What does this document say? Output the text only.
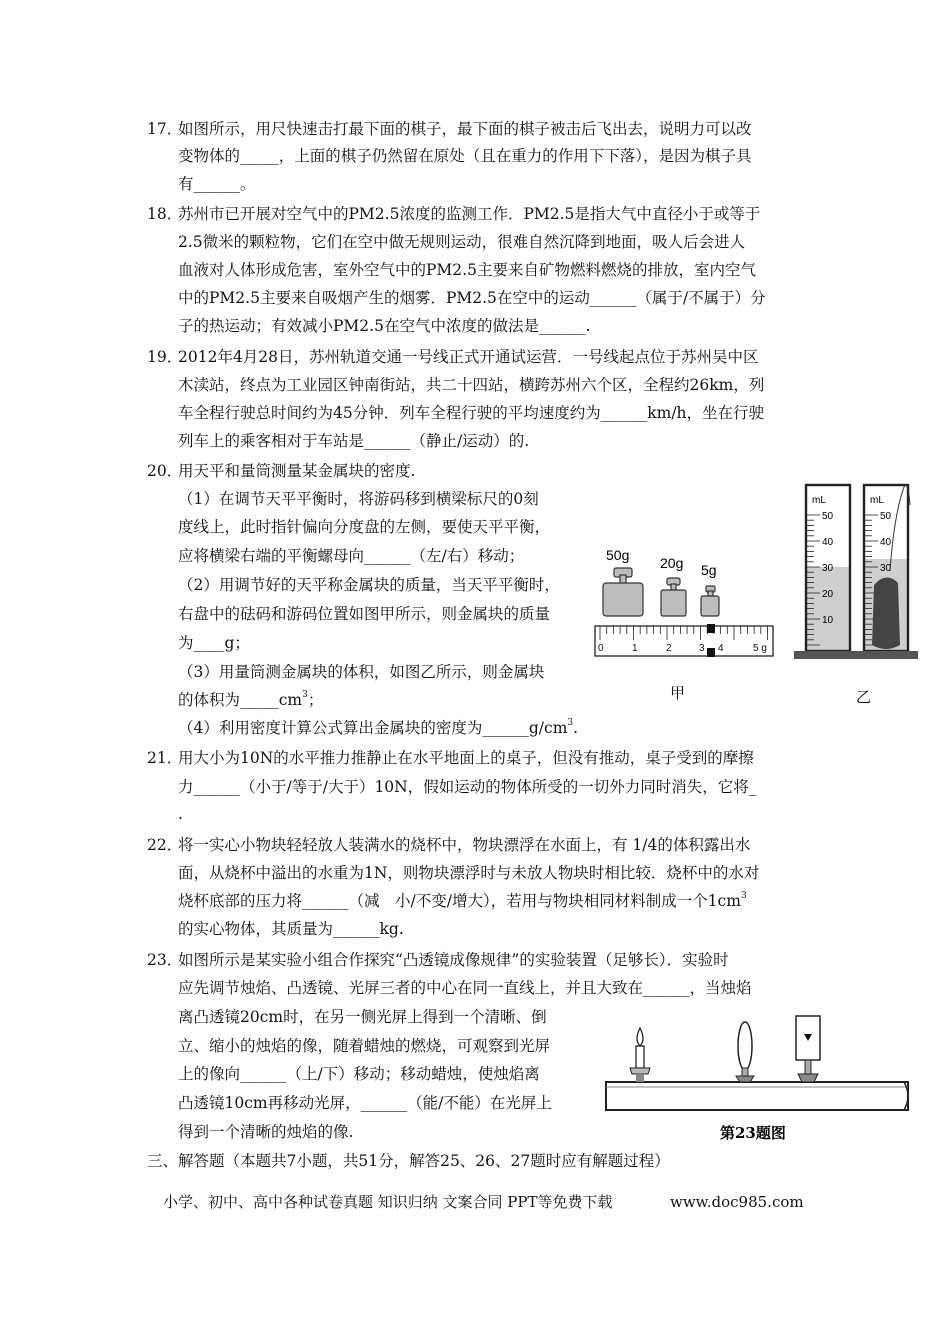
17．
如图所示，用尺快速击打最下面的棋子，最下面的棋子被击后飞出去，说明力可以改
变物体的_____，上面的棋子仍然留在原处（且在重力的作用下下落），是因为棋子具
有______。
18．
苏州市已开展对空气中的PM2.5浓度的监测工作．PM2.5是指大气中直径小于或等于
2.5微米的颗粒物，它们在空中做无规则运动，很难自然沉降到地面，吸人后会进人
血液对人体形成危害，室外空气中的PM2.5主要来自矿物燃料燃烧的排放，室内空气
中的PM2.5主要来自吸烟产生的烟雾．PM2.5在空中的运动______（属于/不属于）分
子的热运动；有效减小PM2.5在空气中浓度的做法是______.
19．
2012年4月28日，苏州轨道交通一号线正式开通试运营．一号线起点位于苏州吴中区
木渎站，终点为工业园区钟南街站，共二十四站，横跨苏州六个区，全程约26km，列
车全程行驶总时间约为45分钟．列车全程行驶的平均速度约为______km/h，坐在行驶
列车上的乘客相对于车站是______（静止/运动）的.
20．
用天平和量筒测量某金属块的密度.
（1）在调节天平平衡时，将游码移到横梁标尺的0刻
度线上，此时指针偏向分度盘的左侧，要使天平平衡，
应将横梁右端的平衡螺母向______（左/右）移动；
（2）用调节好的天平称金属块的质量，当天平平衡时，
右盘中的砝码和游码位置如图甲所示，则金属块的质量
为____g；
（3）用量筒测金属块的体积，如图乙所示，则金属块
的体积为$\_\_\_\_\_cm^3$；
（4）利用密度计算公式算出金属块的密度为$\_\_\_\_\_\_g/cm^3$.
50g 20g 5g
0	1	2	3 4	5 g
甲
mL
50
40
30
20
10
mL
50
40
30
乙
21．
用大小为10N的水平推力推静止在水平地面上的桌子，但没有推动，桌子受到的摩擦
力______（小于/等于/大于）10N，假如运动的物体所受的一切外力同时消失，它将_
.
22．
将一实心小物块轻轻放人装满水的烧杯中，物块漂浮在水面上，有 1/4的体积露出水
面，从烧杯中溢出的水重为1N，则物块漂浮时与未放人物块时相比较．烧杯中的水对
烧杯底部的压力将______（减　小/不变/增大），若用与物块相同材料制成一个$1cm^3$
的实心物体，其质量为______kg.
23．
如图所示是某实验小组合作探究“凸透镜成像规律”的实验装置（足够长）．实验时
应先调节烛焰、凸透镜、光屏三者的中心在同一直线上，并且大致在______，当烛焰
离凸透镜20cm时，在另一侧光屏上得到一个清晰、倒
立、缩小的烛焰的像，随着蜡烛的燃烧，可观察到光屏
上的像向______（上/下）移动；移动蜡烛，使烛焰离
凸透镜10cm再移动光屏，______（能/不能）在光屏上
得到一个清晰的烛焰的像.	第23题图
三、解答题（本题共7小题，共51分，解答25、26、27题时应有解题过程）
小学、初中、高中各种试卷真题 知识归纳 文案合同 PPT等免费下载	www.doc985.com
